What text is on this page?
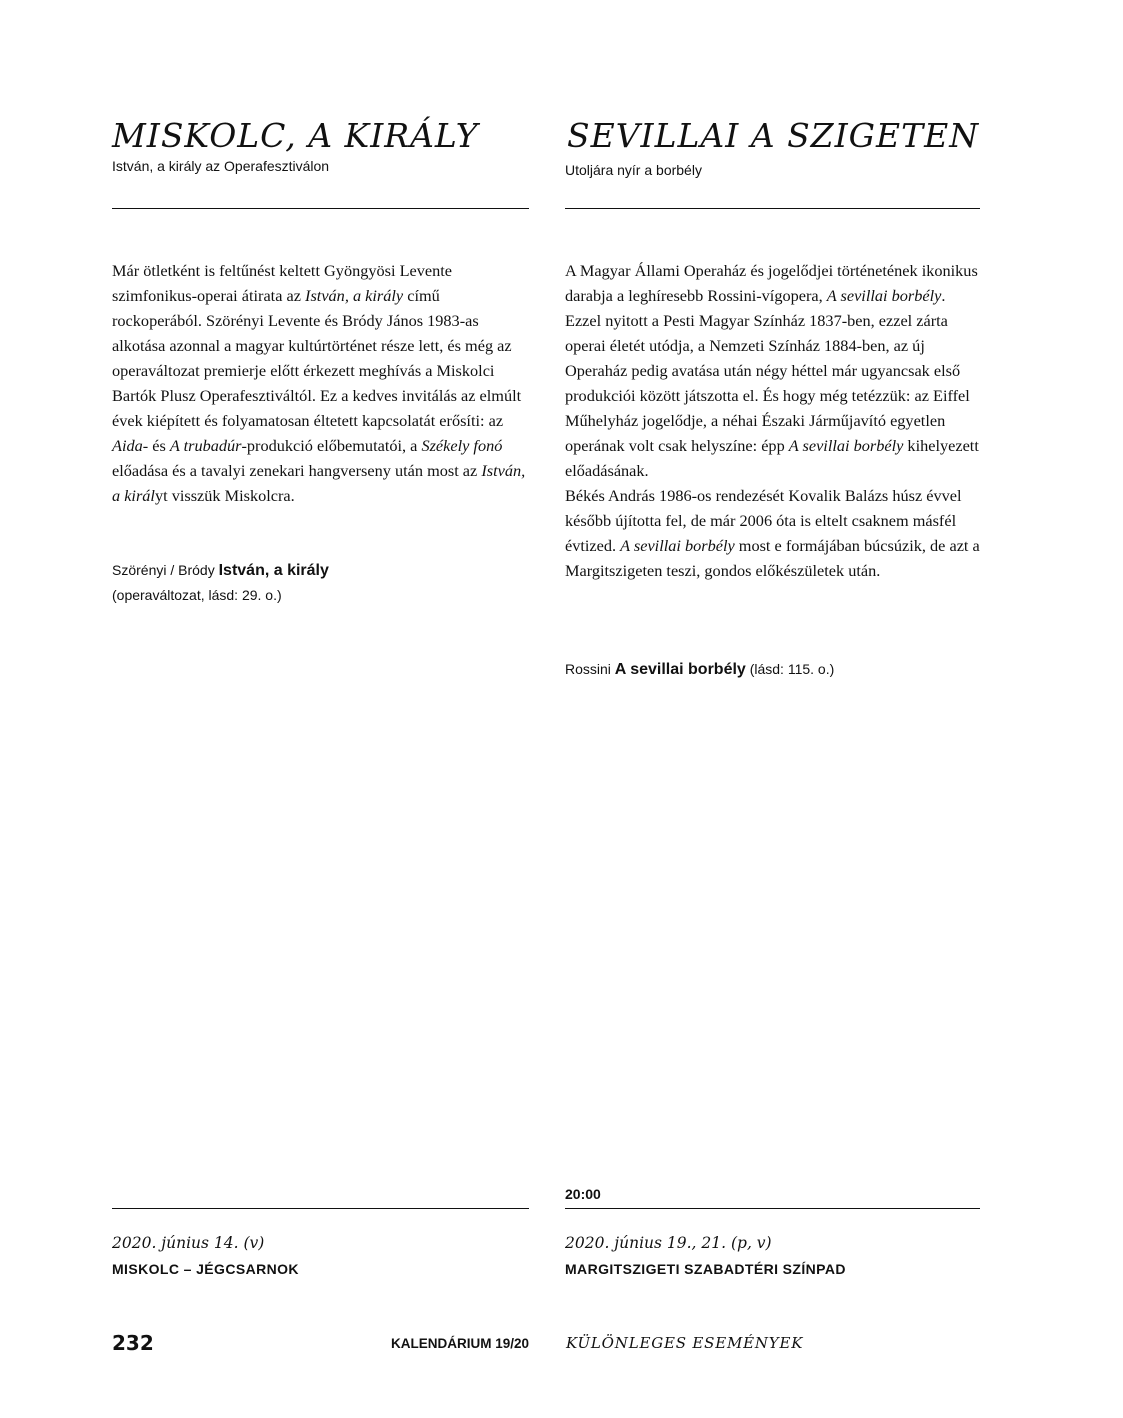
MISKOLC, A KIRÁLY
István, a király az Operafesztiválon

Már ötletként is feltűnést keltett Gyöngyösi Levente szimfonikus-operai átirata az István, a király című rockoperából. Szörényi Levente és Bródy János 1983-as alkotása azonnal a magyar kultúrtörténet része lett, és még az operaváltozat premierje előtt érkezett meghívás a Miskolci Bartók Plusz Operafesztiváltól. Ez a kedves invitálás az elmúlt évek kiépített és folyamatosan éltetett kapcsolatát erősíti: az Aida- és A trubadúr-produkció előbemutatói, a Székely fonó előadása és a tavalyi zenekari hangverseny után most az István, a királyt visszük Miskolcra.

Szörényi / Bródy István, a király
(operaváltozat, lásd: 29. o.)
2020. június 14. (v)
MISKOLC – JÉGCSARNOK
SEVILLAI A SZIGETEN
Utoljára nyír a borbély

A Magyar Állami Operaház és jogelődjei történetének ikonikus darabja a leghíresebb Rossini-vígopera, A sevillai borbély. Ezzel nyitott a Pesti Magyar Színház 1837-ben, ezzel zárta operai életét utódja, a Nemzeti Színház 1884-ben, az új Operaház pedig avatása után négy héttel már ugyancsak első produkciói között játszotta el. És hogy még tetézzük: az Eiffel Műhelyház jogelődje, a néhai Északi Járműjavító egyetlen operának volt csak helyszíne: épp A sevillai borbély kihelyezett előadásának.

Békés András 1986-os rendezését Kovalik Balázs húsz évvel később újította fel, de már 2006 óta is eltelt csaknem másfél évtized. A sevillai borbély most e formájában búcsúzik, de azt a Margitszigeten teszi, gondos előkészületek után.

Rossini A sevillai borbély (lásd: 115. o.)
20:00
2020. június 19., 21. (p, v)
MARGITSZIGETI SZABADTÉRI SZÍNPAD
232	KALENDÁRIUM 19/20 KÜLÖNLEGES ESEMÉNYEK
